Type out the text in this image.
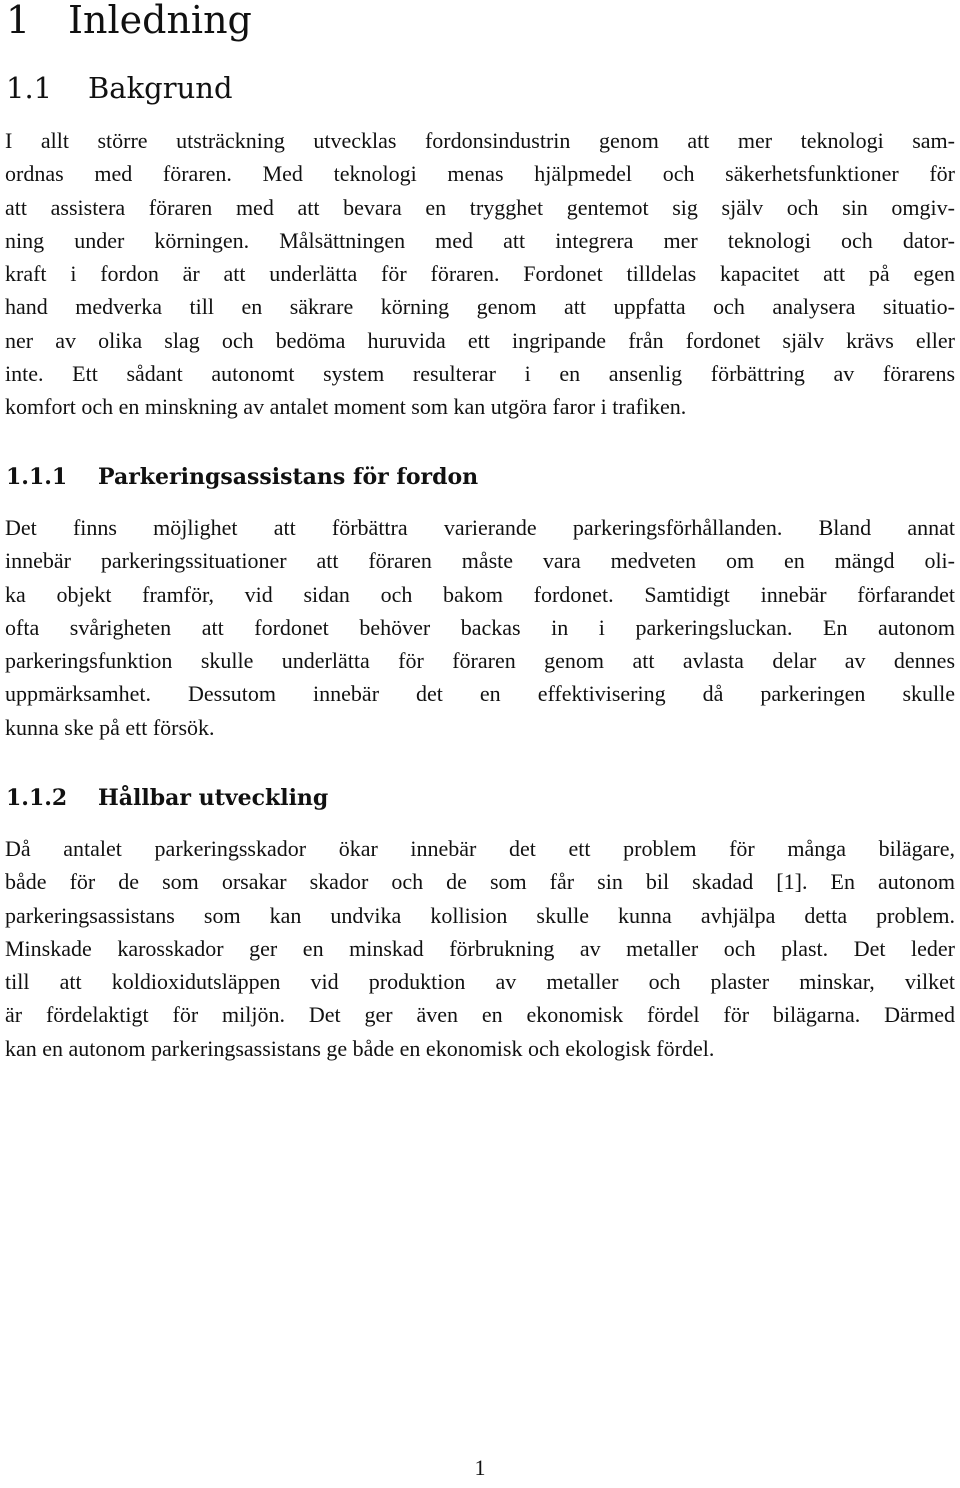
1 Inledning
1.1 Bakgrund

I allt större utsträckning utvecklas fordonsindustrin genom att mer teknologi sam-
ordnas med föraren. Med teknologi menas hjälpmedel och säkerhetsfunktioner för
att assistera föraren med att bevara en trygghet gentemot sig själv och sin omgiv-
ning under körningen. Målsättningen med att integrera mer teknologi och dator-
kraft i fordon är att underlätta för föraren. Fordonet tilldelas kapacitet att på egen
hand medverka till en säkrare körning genom att uppfatta och analysera situatio-
ner av olika slag och bedöma huruvida ett ingripande från fordonet själv krävs eller
inte. Ett sådant autonomt system resulterar i en ansenlig förbättring av förarens
komfort och en minskning av antalet moment som kan utgöra faror i trafiken.

1.1.1 Parkeringsassistans för fordon

Det finns möjlighet att förbättra varierande parkeringsförhållanden. Bland annat
innebär parkeringssituationer att föraren måste vara medveten om en mängd oli-
ka objekt framför, vid sidan och bakom fordonet. Samtidigt innebär förfarandet
ofta svårigheten att fordonet behöver backas in i parkeringsluckan. En autonom
parkeringsfunktion skulle underlätta för föraren genom att avlasta delar av dennes
uppmärksamhet. Dessutom innebär det en effektivisering då parkeringen skulle
kunna ske på ett försök.

1.1.2 Hållbar utveckling

Då antalet parkeringsskador ökar innebär det ett problem för många bilägare,
både för de som orsakar skador och de som får sin bil skadad [1]. En autonom
parkeringsassistans som kan undvika kollision skulle kunna avhjälpa detta problem.
Minskade karosskador ger en minskad förbrukning av metaller och plast. Det leder
till att koldioxidutsläppen vid produktion av metaller och plaster minskar, vilket
är fördelaktigt för miljön. Det ger även en ekonomisk fördel för bilägarna. Därmed
kan en autonom parkeringsassistans ge både en ekonomisk och ekologisk fördel.

1
